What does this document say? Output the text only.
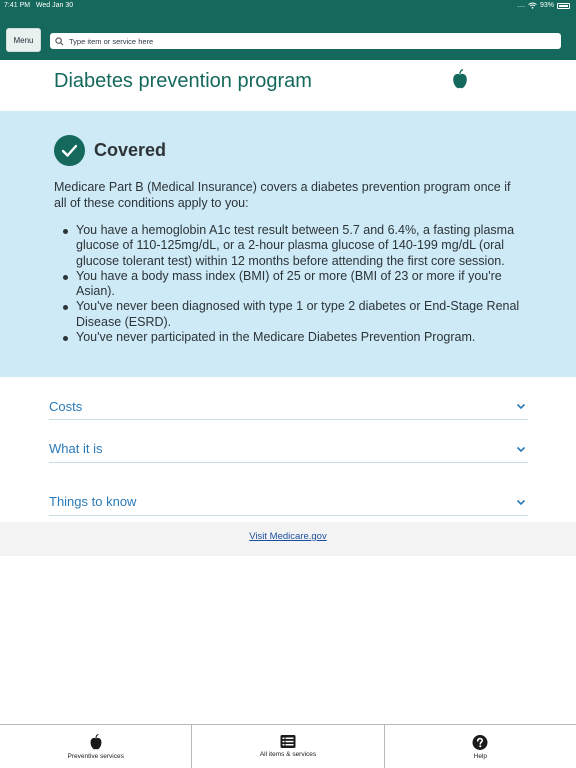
7:41 PM Wed Jan 30	.... 93%
Menu
Type item or service here
Diabetes prevention program
Covered

Medicare Part B (Medical Insurance) covers a diabetes prevention program once if all of these conditions apply to you:

You have a hemoglobin A1c test result between 5.7 and 6.4%, a fasting plasma glucose of 110-125mg/dL, or a 2-hour plasma glucose of 140-199 mg/dL (oral glucose tolerant test) within 12 months before attending the first core session.
You have a body mass index (BMI) of 25 or more (BMI of 23 or more if you're Asian).
You've never been diagnosed with type 1 or type 2 diabetes or End-Stage Renal Disease (ESRD).
You've never participated in the Medicare Diabetes Prevention Program.
Costs
What it is
Things to know
Visit Medicare.gov
Preventive services	All items & services	Help
